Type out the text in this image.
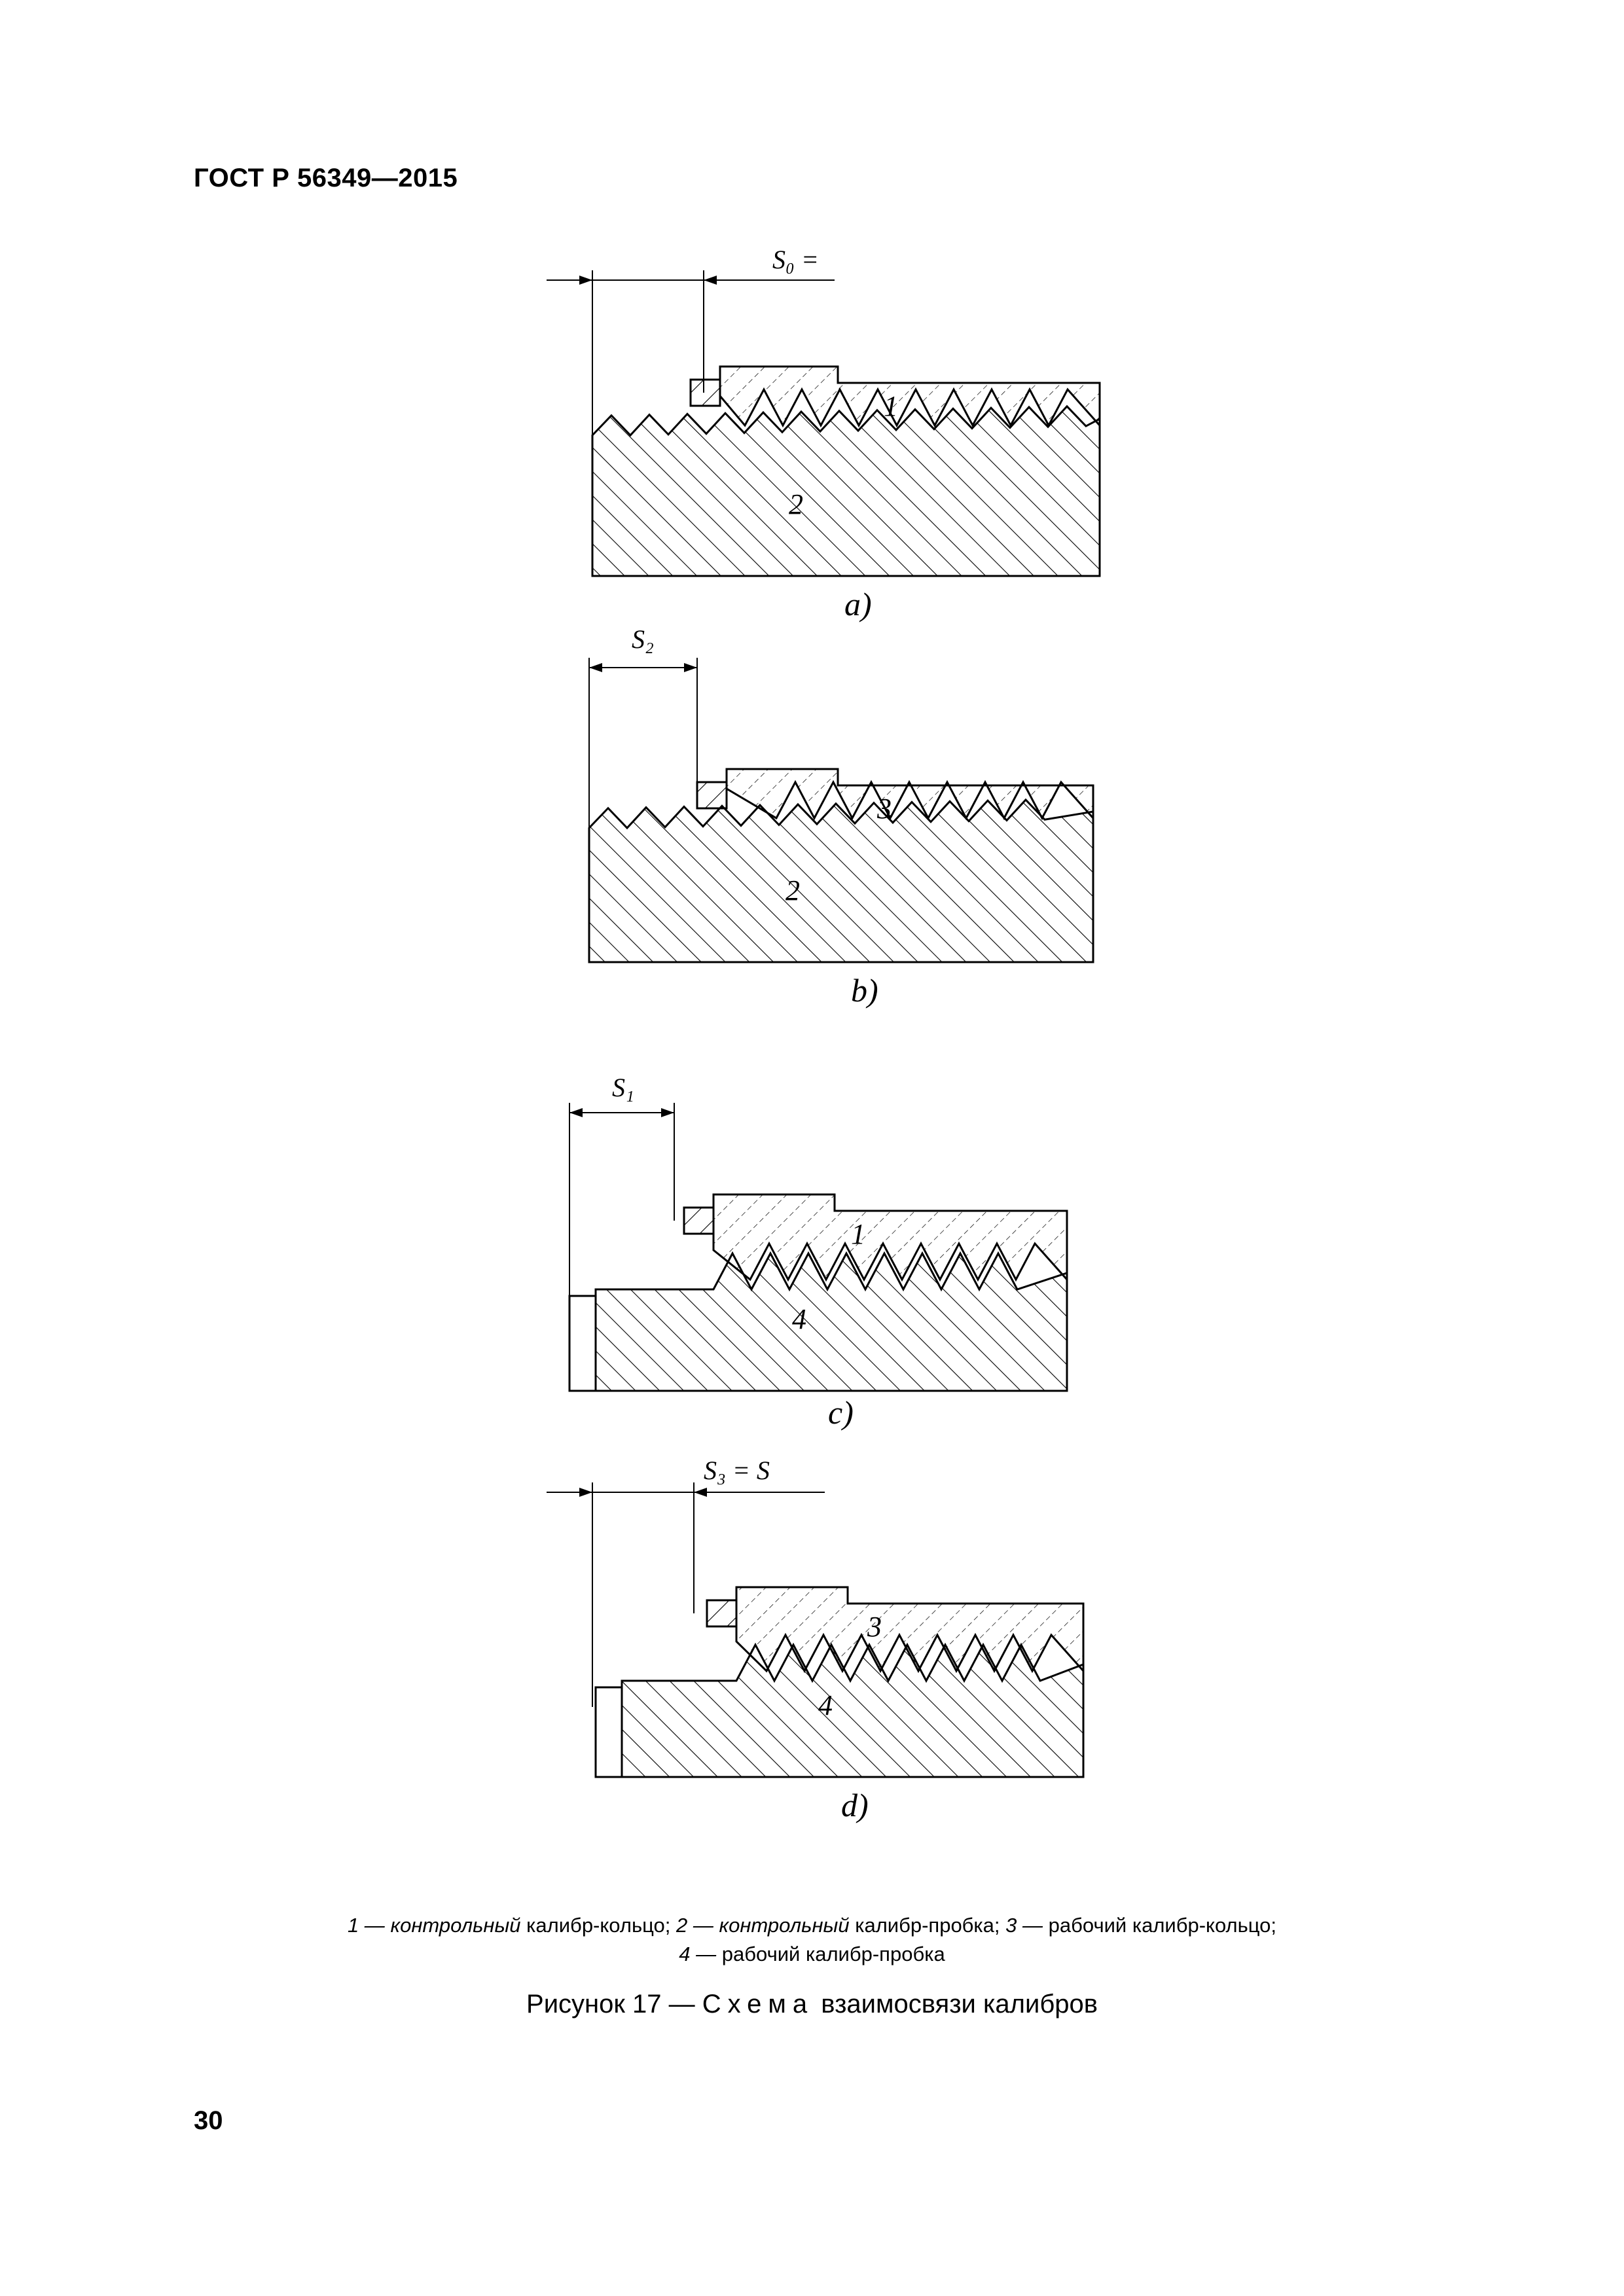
ГОСТ Р 56349—2015
S₀ =
1
2
a)
S₂
3
2
b)
S₁
1
4
c)
S₃ = S
3
4
d)
1 — контрольный калибр-кольцо; 2 — контрольный калибр-пробка; 3 — рабочий калибр-кольцо;
4 — рабочий калибр-пробка
Рисунок 17 — Схема взаимосвязи калибров
30
